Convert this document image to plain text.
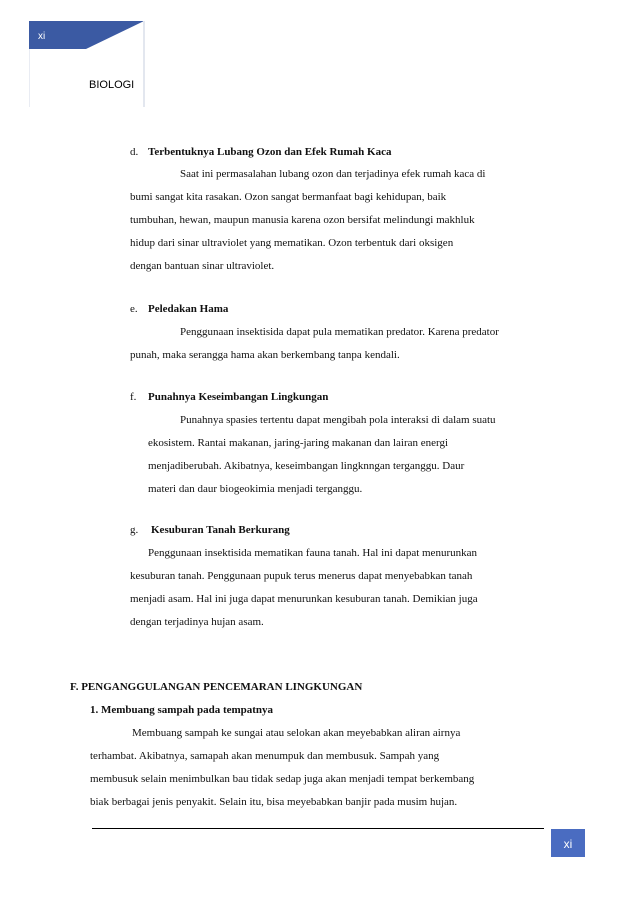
xi
BIOLOGI
d. Terbentuknya Lubang Ozon dan Efek Rumah Kaca
Saat ini permasalahan lubang ozon dan terjadinya efek rumah kaca di
bumi sangat kita rasakan. Ozon sangat bermanfaat bagi kehidupan, baik
tumbuhan, hewan, maupun manusia karena ozon bersifat melindungi makhluk
hidup dari sinar ultraviolet yang mematikan. Ozon terbentuk dari oksigen
dengan bantuan sinar ultraviolet.
e. Peledakan Hama
Penggunaan insektisida dapat pula mematikan predator. Karena predator
punah, maka serangga hama akan berkembang tanpa kendali.
f. Punahnya Keseimbangan Lingkungan
Punahnya spasies tertentu dapat mengibah pola interaksi di dalam suatu
ekosistem. Rantai makanan, jaring-jaring makanan dan lairan energi
menjadiberubah. Akibatnya, keseimbangan lingknngan terganggu. Daur
materi dan daur biogeokimia menjadi terganggu.
g. Kesuburan Tanah Berkurang
Penggunaan insektisida mematikan fauna tanah. Hal ini dapat menurunkan
kesuburan tanah. Penggunaan pupuk terus menerus dapat menyebabkan tanah
menjadi asam. Hal ini juga dapat menurunkan kesuburan tanah. Demikian juga
dengan terjadinya hujan asam.
F. PENGANGGULANGAN PENCEMARAN LINGKUNGAN
1. Membuang sampah pada tempatnya
Membuang sampah ke sungai atau selokan akan meyebabkan aliran airnya
terhambat. Akibatnya, samapah akan menumpuk dan membusuk. Sampah yang
membusuk selain menimbulkan bau tidak sedap juga akan menjadi tempat berkembang
biak berbagai jenis penyakit. Selain itu, bisa meyebabkan banjir pada musim hujan.
xi
